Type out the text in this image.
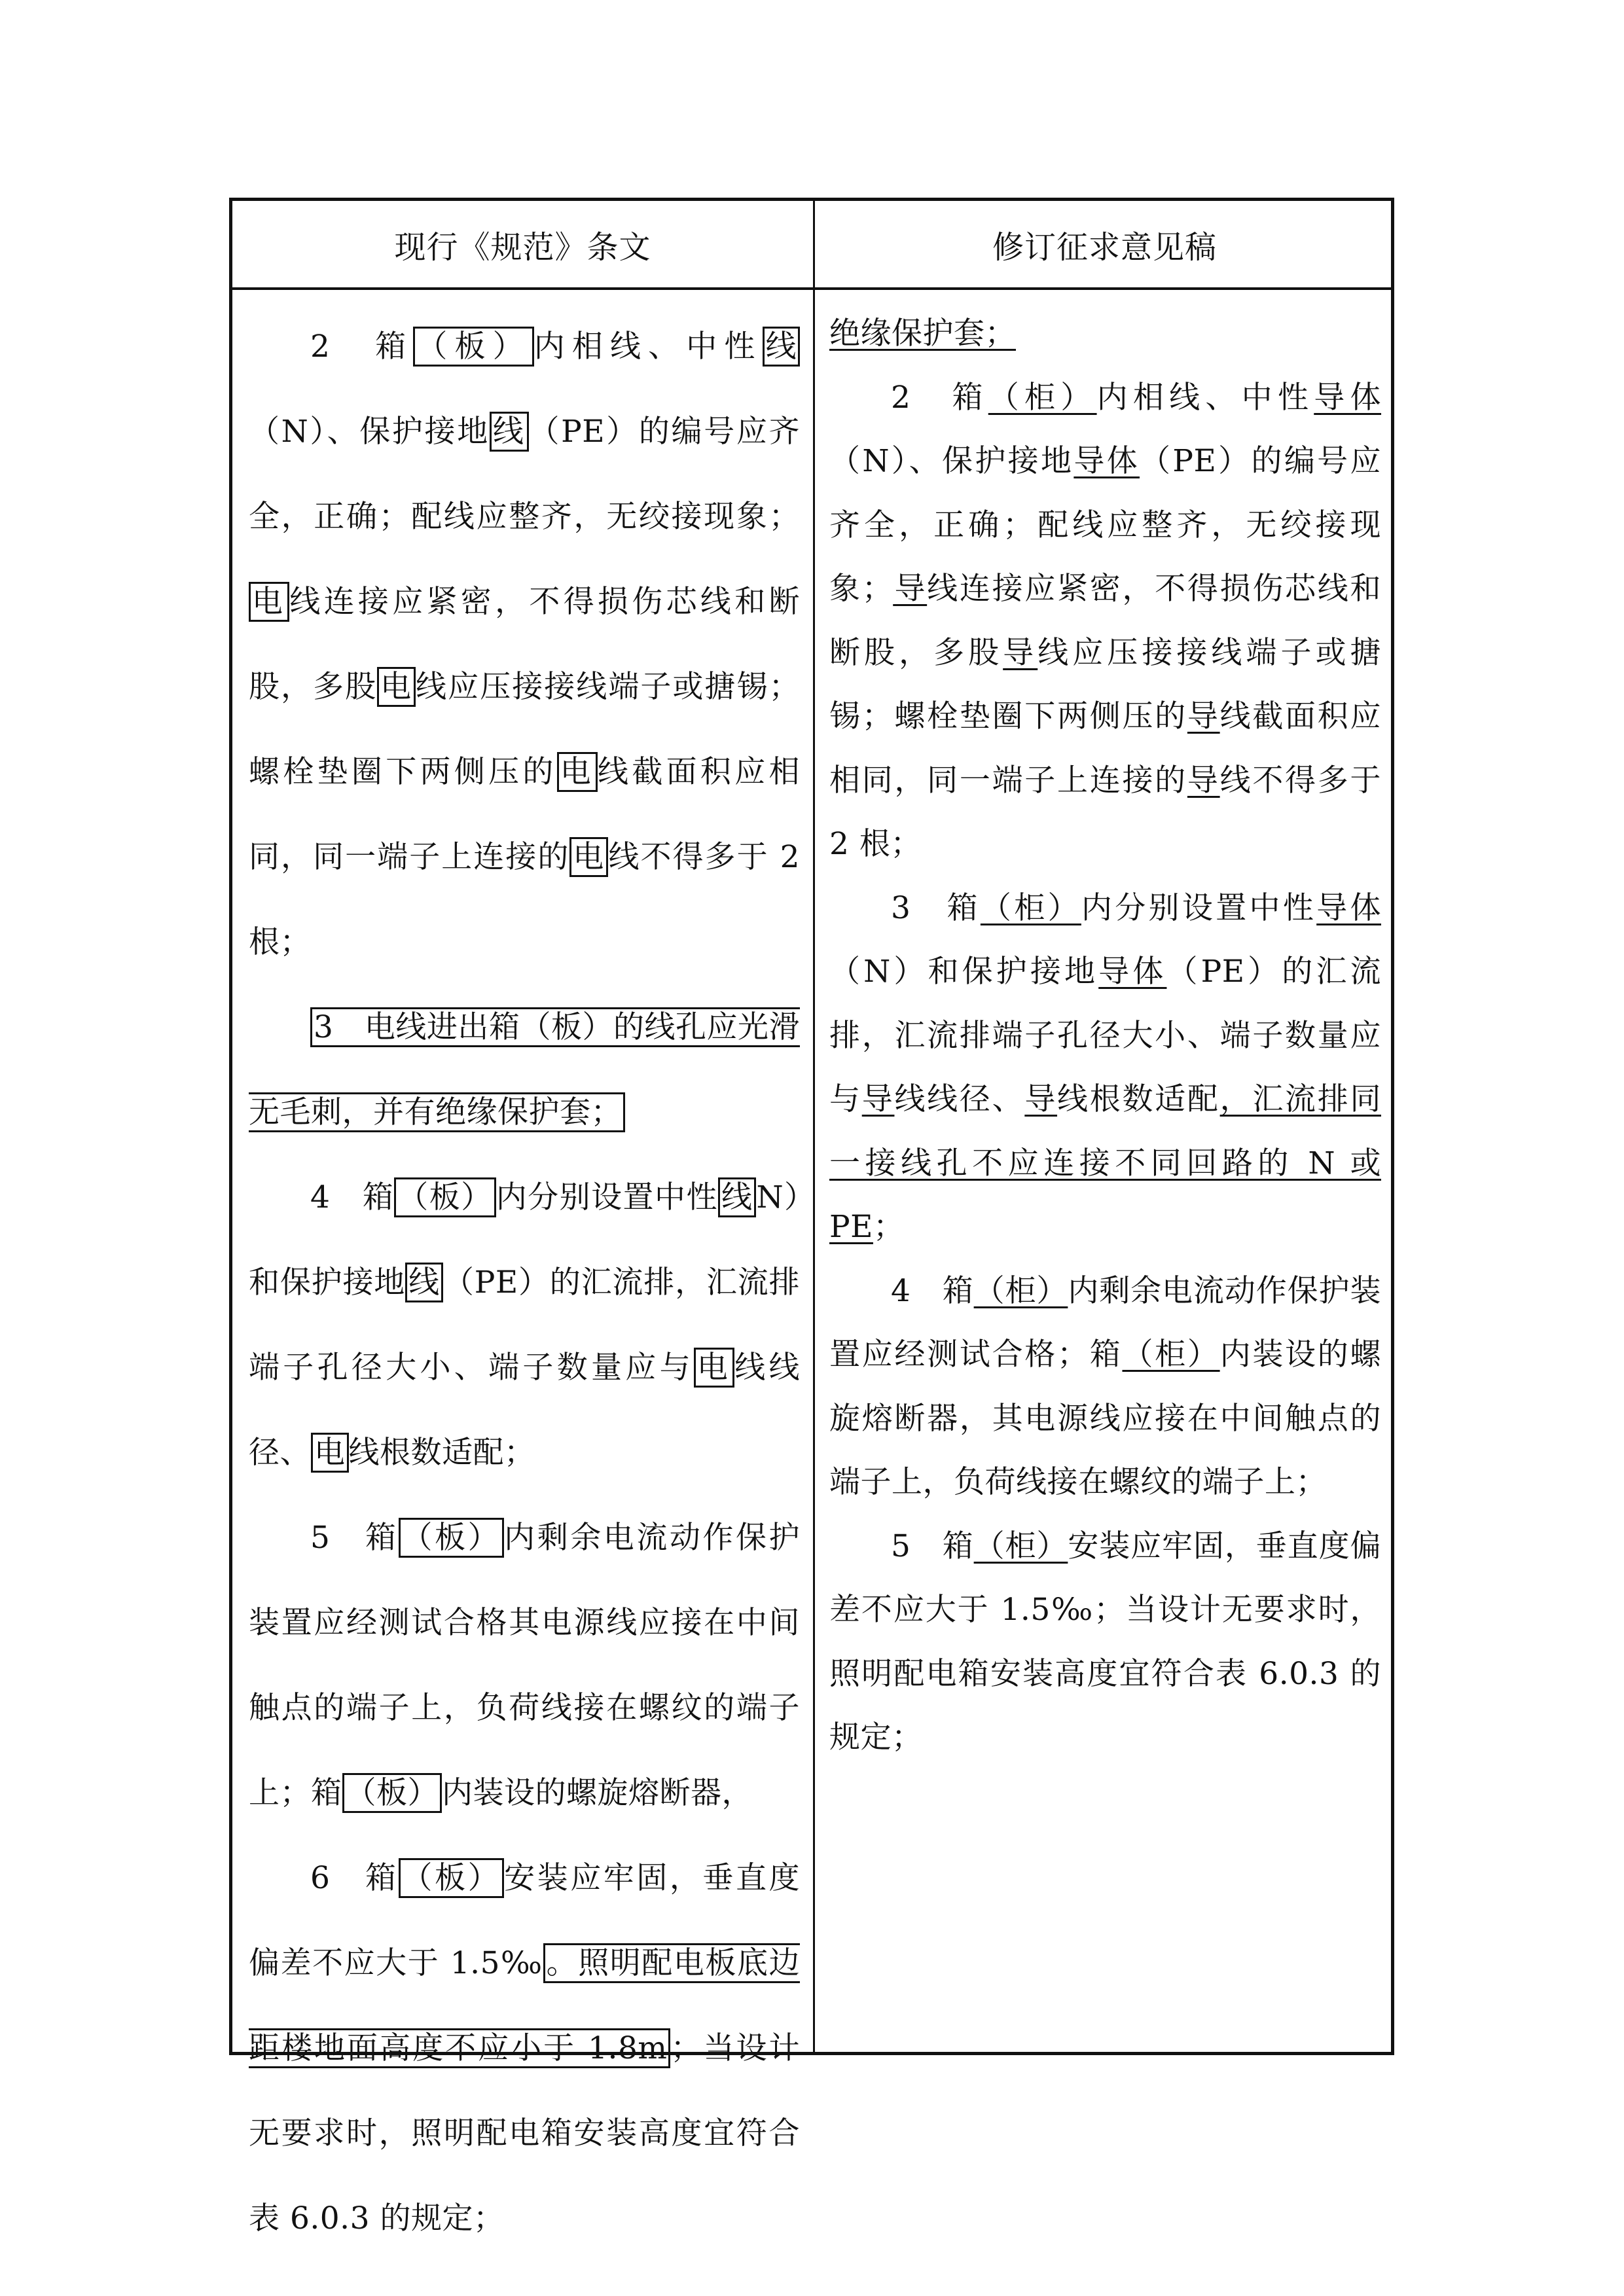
现行《规范》条文	修订征求意见稿

2　箱 （板） 内相线、中性 线（N）、保护接地 线 （PE）的编号应齐全，正确；配线应整齐，无绞接现象；电 线连接应紧密，不得损伤芯线和断股，多股 电 线应压接接线端子或搪锡；螺栓垫圈下两侧压的 电 线截面积应相同，同一端子上连接的 电 线不得多于 2 根；

3　电线进出箱（板）的线孔应光滑无毛刺，并有绝缘保护套；

4　箱 （板） 内分别设置中性 线 N）和保护接地 线 （PE）的汇流排，汇流排端子孔径大小、端子数量应与 电 线线径、 电 线根数适配；

5　箱 （板） 内剩余电流动作保护装置应经测试合格其电源线应接在中间触点的端子上，负荷线接在螺纹的端子上；箱 （板） 内装设的螺旋熔断器，

6　箱 （板） 安装应牢固，垂直度偏差不应大于 1.5‰ 。照明配电板底边距楼地面高度不应小于 1.8m ；当设计无要求时，照明配电箱安装高度宜符合表 6.0.3 的规定；

绝缘保护套；

2　箱（柜）内相线、中性导体（N）、保护接地导体（PE）的编号应齐全，正确；配线应整齐，无绞接现象；导线连接应紧密，不得损伤芯线和断股，多股导线应压接接线端子或搪锡；螺栓垫圈下两侧压的导线截面积应相同，同一端子上连接的导线不得多于 2 根；

3　箱（柜）内分别设置中性导体（N）和保护接地导体（PE）的汇流排，汇流排端子孔径大小、端子数量应与导线线径、导线根数适配，汇流排同一接线孔不应连接不同回路的 N 或 PE；

4　箱（柜）内剩余电流动作保护装置应经测试合格；箱（柜）内装设的螺旋熔断器，其电源线应接在中间触点的端子上，负荷线接在螺纹的端子上；

5　箱（柜）安装应牢固，垂直度偏差不应大于 1.5‰；当设计无要求时，照明配电箱安装高度宜符合表 6.0.3 的规定；
